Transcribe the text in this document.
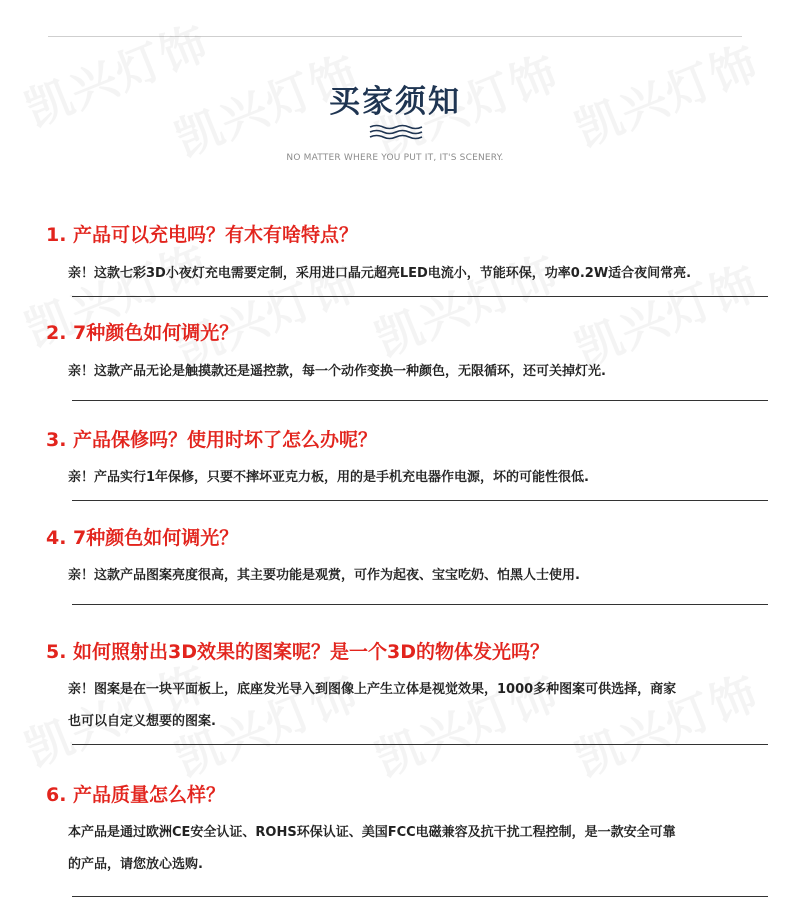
买家须知
NO MATTER WHERE YOU PUT IT, IT'S SCENERY.
1. 产品可以充电吗？有木有啥特点？
亲！这款七彩3D小夜灯充电需要定制，采用进口晶元超亮LED电流小，节能环保，功率0.2W适合夜间常亮.
2. 7种颜色如何调光？
亲！这款产品无论是触摸款还是遥控款，每一个动作变换一种颜色，无限循环，还可关掉灯光.
3. 产品保修吗？使用时坏了怎么办呢？
亲！产品实行1年保修，只要不摔坏亚克力板，用的是手机充电器作电源，坏的可能性很低.
4. 7种颜色如何调光？
亲！这款产品图案亮度很高，其主要功能是观赏，可作为起夜、宝宝吃奶、怕黑人士使用.
5. 如何照射出3D效果的图案呢？是一个3D的物体发光吗？
亲！图案是在一块平面板上，底座发光导入到图像上产生立体是视觉效果，1000多种图案可供选择，商家
也可以自定义想要的图案.
6. 产品质量怎么样？
本产品是通过欧洲CE安全认证、ROHS环保认证、美国FCC电磁兼容及抗干扰工程控制，是一款安全可靠
的产品，请您放心选购.
